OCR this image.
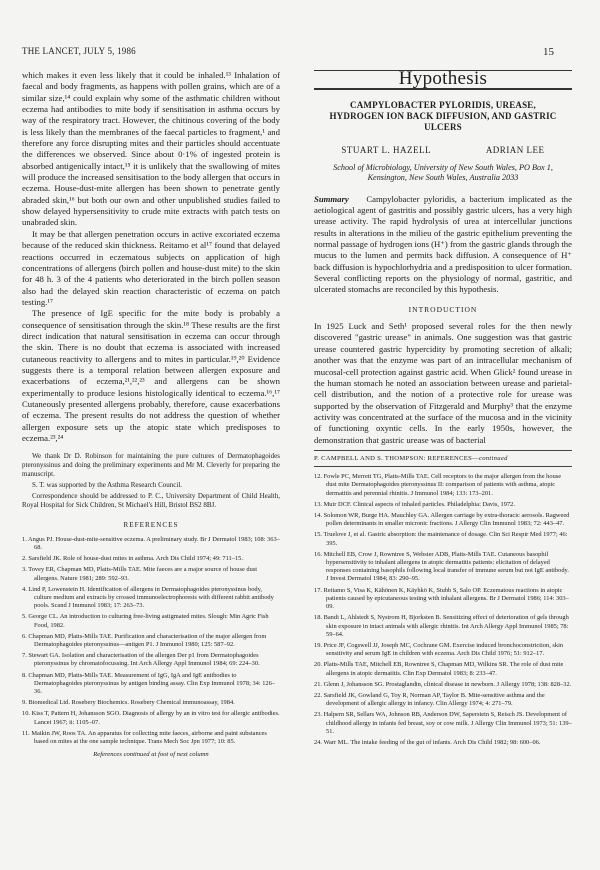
THE LANCET, JULY 5, 1986	15

which makes it even less likely that it could be inhaled.¹³ Inhalation of faecal and body fragments, as happens with pollen grains, which are of a similar size,¹⁴ could explain why some of the asthmatic children without eczema had antibodies to mite body if sensitisation in asthma occurs by way of the respiratory tract. However, the chitinous covering of the body is less likely than the membranes of the faecal particles to fragment,¹ and therefore any force disrupting mites and their particles should accentuate the differences we observed. Since about 0·1% of ingested protein is absorbed antigenically intact,¹⁵ it is unlikely that the swallowing of mites will produce the increased sensitisation to the body allergen that occurs in eczema. House-dust-mite allergen has been shown to penetrate gently abraded skin,¹⁶ but both our own and other unpublished studies failed to show delayed hypersensitivity to crude mite extracts with patch tests on unabraded skin.

It may be that allergen penetration occurs in active excoriated eczema because of the reduced skin thickness. Reitamo et al¹⁷ found that delayed reactions occurred in eczematous subjects on application of high concentrations of allergens (birch pollen and house-dust mite) to the skin for 48 h. 3 of the 4 patients who deteriorated in the birch pollen season also had the delayed skin reaction characteristic of eczema on patch testing.¹⁷

The presence of IgE specific for the mite body is probably a consequence of sensitisation through the skin.¹⁸ These results are the first direct indication that natural sensitisation in eczema can occur through the skin. There is no doubt that eczema is associated with increased cutaneous reactivity to allergens and to mites in particular.¹⁹,²⁰ Evidence suggests there is a temporal relation between allergen exposure and exacerbations of eczema,²¹,²²,²³ and allergens can be shown experimentally to produce lesions histologically identical to eczema.¹⁶,¹⁷ Cutaneously presented allergens probably, therefore, cause exacerbations of eczema. The present results do not address the question of whether allergen exposure sets up the atopic state which predisposes to eczema.²³,²⁴

We thank Dr D. Robinson for maintaining the pure cultures of Dermatophagoides pteronyssinus and doing the preliminary experiments and Mr M. Cleverly for preparing the manuscript.

S. T. was supported by the Asthma Research Council.

Correspondence should be addressed to P. C., University Department of Child Health, Royal Hospital for Sick Children, St Michael's Hill, Bristol BS2 8BJ.

REFERENCES
1. Angus PJ. House-dust-mite-sensitive eczema. A preliminary study. Br J Dermatol 1983; 108: 363–68.
2. Sarsfield JK. Role of house-dust mites in asthma. Arch Dis Child 1974; 49: 711–15.
3. Tovey ER, Chapman MD, Platts-Mills TAE. Mite faeces are a major source of house dust allergens. Nature 1981; 289: 592–93.
4. Lind P, Lowenstein H. Identification of allergens in Dermatophagoides pteronyssinus body, culture medium and extracts by crossed immunoelectrophoresis with different rabbit antibody pools. Scand J Immunol 1983; 17: 263–73.
5. George CL. An introduction to culturing free-living astigmated mites. Slough: Min Agric Fish Food, 1982.
6. Chapman MD, Platts-Mills TAE. Purification and characterisation of the major allergen from Dermatophagoides pteronyssinus—antigen P1. J Immunol 1980; 125: 587–92.
7. Stewart GA. Isolation and characterisation of the allergen Der p1 from Dermatophagoides pteronyssinus by chromatofocussing. Int Arch Allergy Appl Immunol 1984; 69: 224–30.
8. Chapman MD, Platts-Mills TAE. Measurement of IgG, IgA and IgE antibodies to Dermatophagoides pteronyssinus by antigen binding assay. Clin Exp Immunol 1978; 34: 126–36.
9. Biomedical Ltd. Rosebery Biochemics. Rosebery Chemical immunoassay, 1984.
10. Kiss T, Pattern H, Johansson SGO. Diagnosis of allergy by an in vitro test for allergic antibodies. Lancet 1967; ii: 1105–07.
11. Maikin JW, Roos TA. An apparatus for collecting mite faeces, airborne and paint substances based on mites at the one sample technique. Trans Mech Soc Jpn 1977; 10: 85.
References continued at foot of next column
Hypothesis
CAMPYLOBACTER PYLORIDIS, UREASE, HYDROGEN ION BACK DIFFUSION, AND GASTRIC ULCERS
STUART L. HAZELL	ADRIAN LEE
School of Microbiology, University of New South Wales, PO Box 1, Kensington, New South Wales, Australia 2033

Summary Campylobacter pyloridis, a bacterium implicated as the aetiological agent of gastritis and possibly gastric ulcers, has a very high urease activity. The rapid hydrolysis of urea at intercellular junctions results in alterations in the milieu of the gastric epithelium preventing the normal passage of hydrogen ions (H⁺) from the gastric glands through the mucus to the lumen and permits back diffusion. A consequence of H⁺ back diffusion is hypochlorhydria and a predisposition to ulcer formation. Several conflicting reports on the physiology of normal, gastritic, and ulcerated stomachs are reconciled by this hypothesis.

INTRODUCTION

In 1925 Luck and Seth¹ proposed several roles for the then newly discovered "gastric urease" in animals. One suggestion was that gastric urease countered gastric hypercidity by promoting secretion of alkali; another was that the enzyme was part of an intracellular mechanism of mucosal-cell protection against gastric acid. When Glick² found urease in the human stomach he noted an association between urease and parietal-cell distribution, and the notion of a protective role for urease was supported by the observation of Fitzgerald and Murphy³ that the enzyme activity was concentrated at the surface of the mucosa and in the vicinity of functioning oxyntic cells. In the early 1950s, however, the demonstration that gastric urease was of bacterial

P. CAMPBELL AND S. THOMPSON: REFERENCES—continued
12. Fowle PC, Merrett TG, Platts-Mills TAE. Cell receptors to the major allergen from the house dust mite Dermatophagoides pteronyssinus II: comparison of patients with asthma, atopic dermatitis and perennial rhinitis. J Immunol 1984; 133: 173–201.
13. Muir DCF. Clinical aspects of inhaled particles. Philadelphia: Davis, 1972.
14. Solomon WR, Burge HA. Mauchley GA. Allergen carriage by extra-thoracic aerosols. Ragweed pollen determinants in smaller micronic fractions. J Allergy Clin Immunol 1983; 72: 443–47.
15. Truelove J, et al. Gastric absorption: the maintenance of dosage. Clin Sci Respir Med 1977; 46: 395.
16. Mitchell EB, Crow J, Rowntree S, Webster ADB, Platts-Mills TAE. Cutaneous basophil hypersensitivity to inhalant allergens in atopic dermatitis patients: elicitation of delayed responses containing basophils following local transfer of immune serum but not IgE antibody. J Invest Dermatol 1984; 83: 290–95.
17. Reitamo S, Visa K, Kähönen K, Käyhkö K, Stubb S, Salo OP. Eczematous reactions in atopic patients caused by epicutaneous testing with inhalant allergens. Br J Dermatol 1986; 114: 303–09.
18. Bandi L, Ahlstedt S, Nystrom H, Bjorksten B. Sensitizing effect of deterioration of gels through skin exposure in intact animals with allergic rhinitis. Int Arch Allergy Appl Immunol 1985; 78: 59–64.
19. Price JF, Cogswell JJ, Joseph MC, Cochrane GM. Exercise induced bronchoconstriction, skin sensitivity and serum IgE in children with eczema. Arch Dis Child 1976; 51: 912–17.
20. Platts-Mills TAE, Mitchell EB, Rowntree S, Chapman MD, Wilkins SR. The role of dust mite allergens in atopic dermatitis. Clin Exp Dermatol 1983; 8: 233–47.
21. Glenn J, Johansson SG. Prostaglandin, clinical disease in newborn. J Allergy 1978; 138: 828–32.
22. Sarsfield JK, Gowland G, Toy R, Norman AP, Taylor B. Mite-sensitive asthma and the development of allergic allergy in infancy. Clin Allergy 1974; 4: 271–79.
23. Halpern SR, Sellars WA, Johnson RB, Anderson DW, Saperstein S, Reisch JS. Development of childhood allergy in infants fed breast, soy or cow milk. J Allergy Clin Immunol 1973; 51: 139–51.
24. Warr ML. The intake feeding of the gut of infants. Arch Dis Child 1982; 98: 600–06.
